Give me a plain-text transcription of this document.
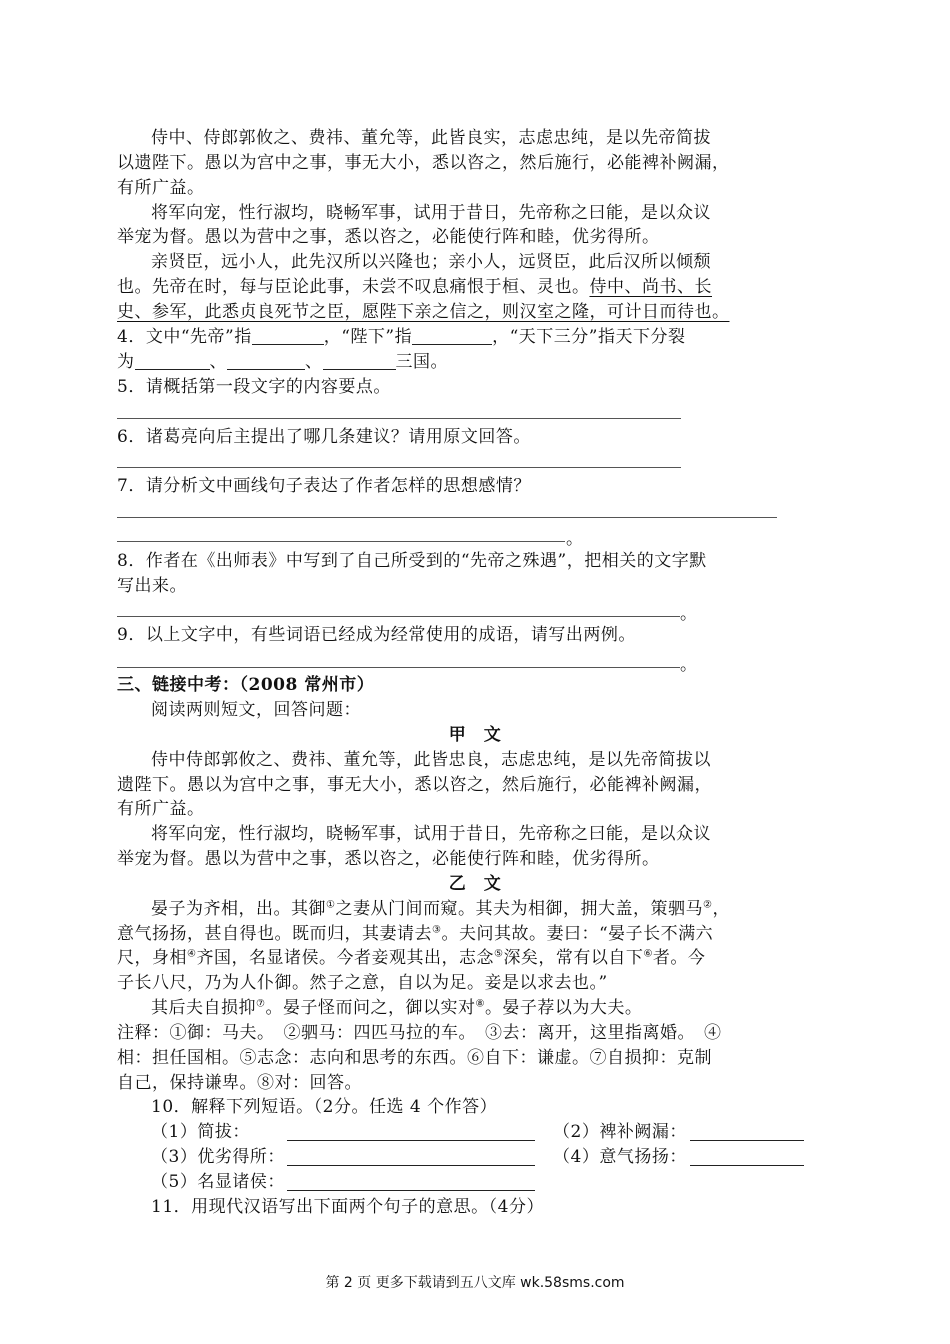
侍中、侍郎郭攸之、费祎、董允等，此皆良实，志虑忠纯，是以先帝简拔
以遗陛下。愚以为宫中之事，事无大小，悉以咨之，然后施行，必能裨补阙漏，
有所广益。
将军向宠，性行淑均，晓畅军事，试用于昔日，先帝称之曰能，是以众议
举宠为督。愚以为营中之事，悉以咨之，必能使行阵和睦，优劣得所。
亲贤臣，远小人，此先汉所以兴隆也；亲小人，远贤臣，此后汉所以倾颓
也。先帝在时，每与臣论此事，未尝不叹息痛恨于桓、灵也。侍中、尚书、长
史、参军，此悉贞良死节之臣，愿陛下亲之信之，则汉室之隆，可计日而待也。
4．文中“先帝”指	，“陛下”指	，“天下三分”指天下分裂
为	、	、	三国。
5．请概括第一段文字的内容要点。
6．诸葛亮向后主提出了哪几条建议？请用原文回答。
7．请分析文中画线句子表达了作者怎样的思想感情？
。
8．作者在《出师表》中写到了自己所受到的“先帝之殊遇”，把相关的文字默
写出来。
。
9．以上文字中，有些词语已经成为经常使用的成语，请写出两例。
。
三、链接中考：（2008 常州市）
阅读两则短文，回答问题：
甲　文
侍中侍郎郭攸之、费祎、董允等，此皆忠良，志虑忠纯，是以先帝简拔以
遗陛下。愚以为宫中之事，事无大小，悉以咨之，然后施行，必能裨补阙漏，
有所广益。
将军向宠，性行淑均，晓畅军事，试用于昔日，先帝称之曰能，是以众议
举宠为督。愚以为营中之事，悉以咨之，必能使行阵和睦，优劣得所。
乙　文
晏子为齐相，出。其御①之妻从门间而窥。其夫为相御，拥大盖，策驷马②，
意气扬扬，甚自得也。既而归，其妻请去③。夫问其故。妻曰：“晏子长不满六
尺，身相④齐国，名显诸侯。今者妾观其出，志念⑤深矣，常有以自下⑥者。今
子长八尺，乃为人仆御。然子之意，自以为足。妾是以求去也。”
其后夫自损抑⑦。晏子怪而问之，御以实对⑧。晏子荐以为大夫。
注释：①御：马夫。　②驷马：四匹马拉的车。　③去：离开，这里指离婚。　④
相：担任国相。⑤志念：志向和思考的东西。⑥自下：谦虚。⑦自损抑：克制
自己，保持谦卑。⑧对：回答。
10．解释下列短语。（2分。任选 4 个作答）
（1）简拔：	（2）裨补阙漏：
（3）优劣得所：	（4）意气扬扬：
（5）名显诸侯：
11．用现代汉语写出下面两个句子的意思。（4分）
第 2 页 更多下载请到五八文库 wk.58sms.com
